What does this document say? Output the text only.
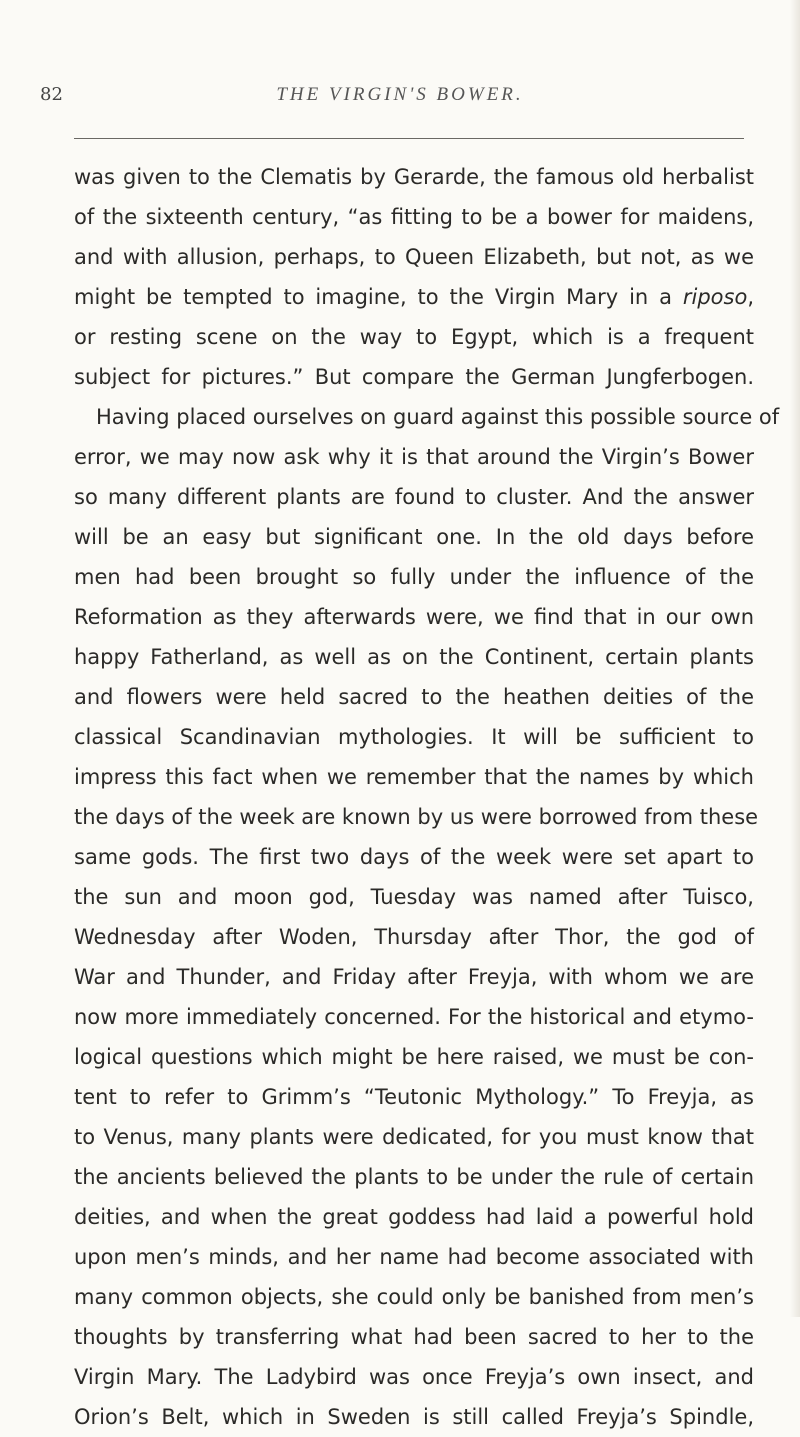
82	THE VIRGIN'S BOWER.
was given to the Clematis by Gerarde, the famous old herbalist
of the sixteenth century, “as fitting to be a bower for maidens,
and with allusion, perhaps, to Queen Elizabeth, but not, as we
might be tempted to imagine, to the Virgin Mary in a riposo,
or resting scene on the way to Egypt, which is a frequent
subject for pictures.” But compare the German Jungferbogen.
Having placed ourselves on guard against this possible source of
error, we may now ask why it is that around the Virgin’s Bower
so many different plants are found to cluster. And the answer
will be an easy but significant one. In the old days before
men had been brought so fully under the influence of the
Reformation as they afterwards were, we find that in our own
happy Fatherland, as well as on the Continent, certain plants
and flowers were held sacred to the heathen deities of the
classical Scandinavian mythologies. It will be sufficient to
impress this fact when we remember that the names by which
the days of the week are known by us were borrowed from these
same gods. The first two days of the week were set apart to
the sun and moon god, Tuesday was named after Tuisco,
Wednesday after Woden, Thursday after Thor, the god of
War and Thunder, and Friday after Freyja, with whom we are
now more immediately concerned. For the historical and etymo-
logical questions which might be here raised, we must be con-
tent to refer to Grimm’s “Teutonic Mythology.” To Freyja, as
to Venus, many plants were dedicated, for you must know that
the ancients believed the plants to be under the rule of certain
deities, and when the great goddess had laid a powerful hold
upon men’s minds, and her name had become associated with
many common objects, she could only be banished from men’s
thoughts by transferring what had been sacred to her to the
Virgin Mary. The Ladybird was once Freyja’s own insect, and
Orion’s Belt, which in Sweden is still called Freyja’s Spindle,
